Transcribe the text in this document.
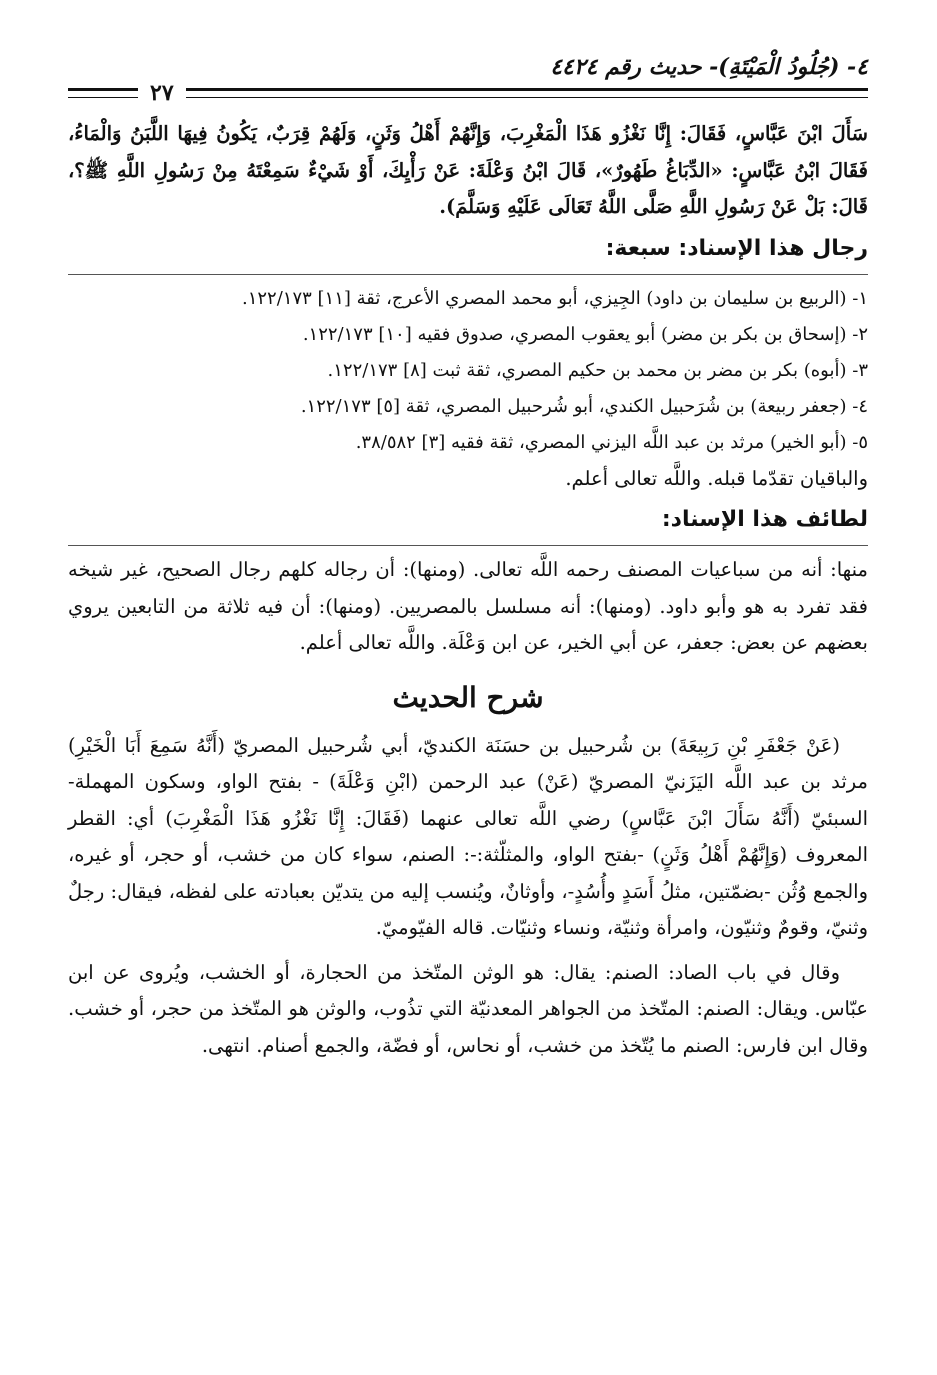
٤- (جُلُودُ الْمَيْتَةِ)- حديث رقم ٤٤٢٤
٢٧

سَأَلَ ابْنَ عَبَّاسٍ، فَقَالَ: إِنَّا نَغْزُو هَذَا الْمَغْرِبَ، وَإِنَّهُمْ أَهْلُ وَثَنٍ، وَلَهُمْ قِرَبٌ، يَكُونُ فِيهَا اللَّبَنُ وَالْمَاءُ، فَقَالَ ابْنُ عَبَّاسٍ: «الدِّبَاغُ طَهُورٌ»، قَالَ ابْنُ وَعْلَةَ: عَنْ رَأْيِكَ، أَوْ شَيْءٌ سَمِعْتَهُ مِنْ رَسُولِ اللَّهِ ﷺ؟، قَالَ: بَلْ عَنْ رَسُولِ اللَّهِ صَلَّى اللَّهُ تَعَالَى عَلَيْهِ وَسَلَّمَ).

رجال هذا الإسناد: سبعة:
١- (الربيع بن سليمان بن داود) الجِيزي، أبو محمد المصري الأعرج، ثقة [١١] ١٢٢/١٧٣.
٢- (إسحاق بن بكر بن مضر) أبو يعقوب المصري، صدوق فقيه [١٠] ١٢٢/١٧٣.
٣- (أبوه) بكر بن مضر بن محمد بن حكيم المصري، ثقة ثبت [٨] ١٢٢/١٧٣.
٤- (جعفر ربيعة) بن شُرَحبيل الكندي، أبو شُرحبيل المصري، ثقة [٥] ١٢٢/١٧٣.
٥- (أبو الخير) مرثد بن عبد اللَّه اليزني المصري، ثقة فقيه [٣] ٣٨/٥٨٢.

والباقيان تقدّما قبله. واللَّه تعالى أعلم.

لطائف هذا الإسناد:

منها: أنه من سباعيات المصنف رحمه اللَّه تعالى. (ومنها): أن رجاله كلهم رجال الصحيح، غير شيخه فقد تفرد به هو وأبو داود. (ومنها): أنه مسلسل بالمصريين. (ومنها): أن فيه ثلاثة من التابعين يروي بعضهم عن بعض: جعفر، عن أبي الخير، عن ابن وَعْلَة. واللَّه تعالى أعلم.

شرح الحديث

(عَنْ جَعْفَرِ بْنِ رَبِيعَةَ) بن شُرحبيل بن حسَنَة الكنديّ، أبي شُرحبيل المصريّ (أَنَّهُ سَمِعَ أَبَا الْخَيْرِ) مرثد بن عبد اللَّه اليَزَنيّ المصريّ (عَنْ) عبد الرحمن (ابْنِ وَعْلَةَ) - بفتح الواو، وسكون المهملة- السبئيّ (أَنَّهُ سَأَلَ ابْنَ عَبَّاسٍ) رضي اللَّه تعالى عنهما (فَقَالَ: إِنَّا نَغْزُو هَذَا الْمَغْرِبَ) أي: القطر المعروف (وَإِنَّهُمْ أَهْلُ وَثَنٍ) -بفتح الواو، والمثلّثة:-: الصنم، سواء كان من خشب، أو حجر، أو غيره، والجمع وُثُن -بضمّتين، مثلُ أَسَدٍ وأُسُدٍ-، وأوثانٌ، ويُنسب إليه من يتديّن بعبادته على لفظه، فيقال: رجلٌ وثنيّ، وقومٌ وثنيّون، وامرأة وثنيّة، ونساء وثنيّات. قاله الفيّوميّ.

وقال في باب الصاد: الصنم: يقال: هو الوثن المتّخذ من الحجارة، أو الخشب، ويُروى عن ابن عبّاس. ويقال: الصنم: المتّخذ من الجواهر المعدنيّة التي تذُوب، والوثن هو المتّخذ من حجر، أو خشب. وقال ابن فارس: الصنم ما يُتّخذ من خشب، أو نحاس، أو فضّة، والجمع أصنام. انتهى.
